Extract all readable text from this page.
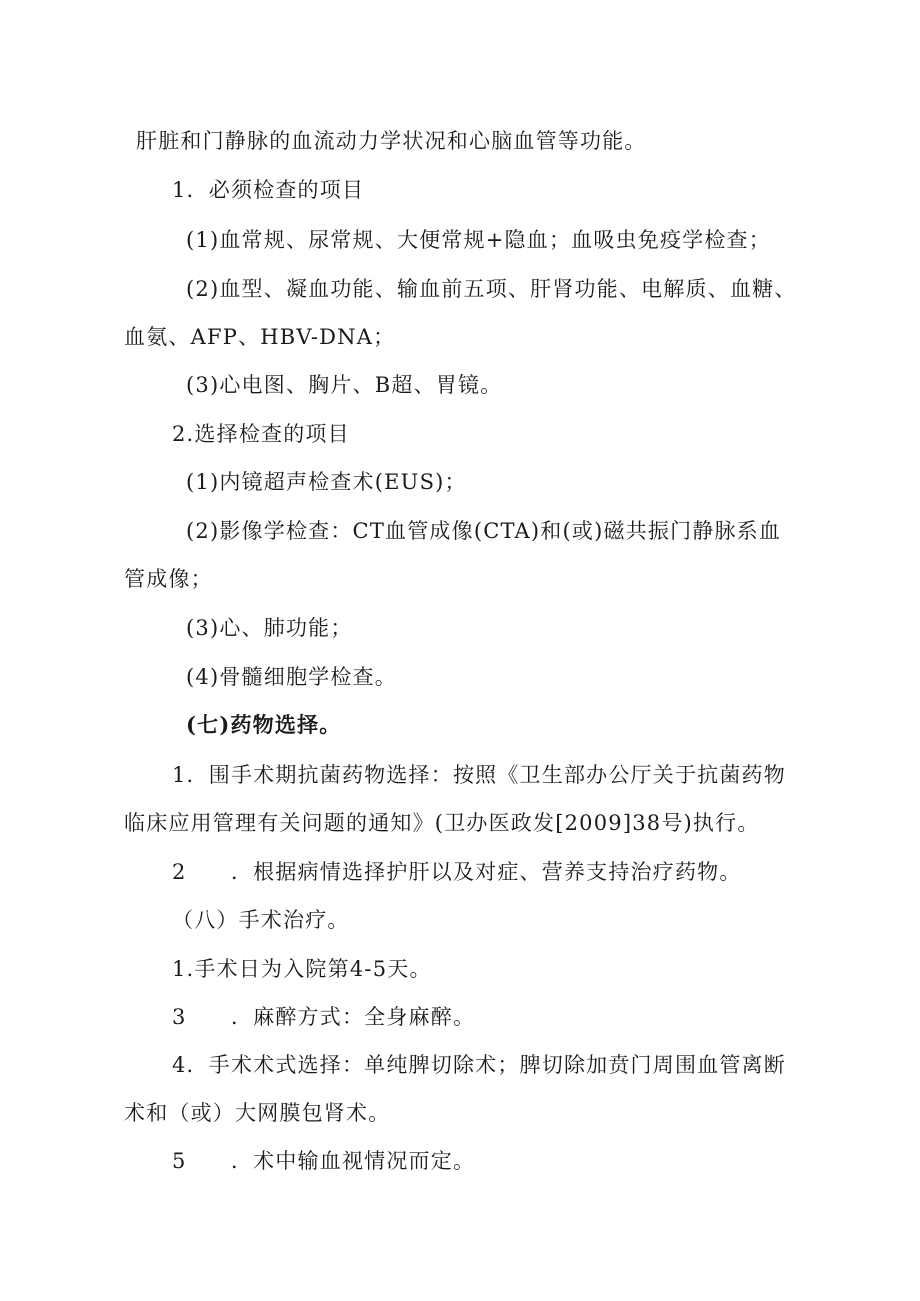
肝脏和门静脉的血流动力学状况和心脑血管等功能。
1．必须检查的项目
(1)血常规、尿常规、大便常规+隐血；血吸虫免疫学检查；
(2)血型、凝血功能、输血前五项、肝肾功能、电解质、血糖、
血氨、AFP、HBV-DNA；
(3)心电图、胸片、B超、胃镜。
2.选择检查的项目
(1)内镜超声检查术(EUS)；
(2)影像学检查：CT血管成像(CTA)和(或)磁共振门静脉系血
管成像；
(3)心、肺功能；
(4)骨髓细胞学检查。
(七)药物选择。
1．围手术期抗菌药物选择：按照《卫生部办公厅关于抗菌药物
临床应用管理有关问题的通知》(卫办医政发[2009]38号)执行。
2　　．根据病情选择护肝以及对症、营养支持治疗药物。
（八）手术治疗。
1.手术日为入院第4-5天。
3　　．麻醉方式：全身麻醉。
4．手术术式选择：单纯脾切除术；脾切除加贲门周围血管离断
术和（或）大网膜包肾术。
5　　．术中输血视情况而定。
